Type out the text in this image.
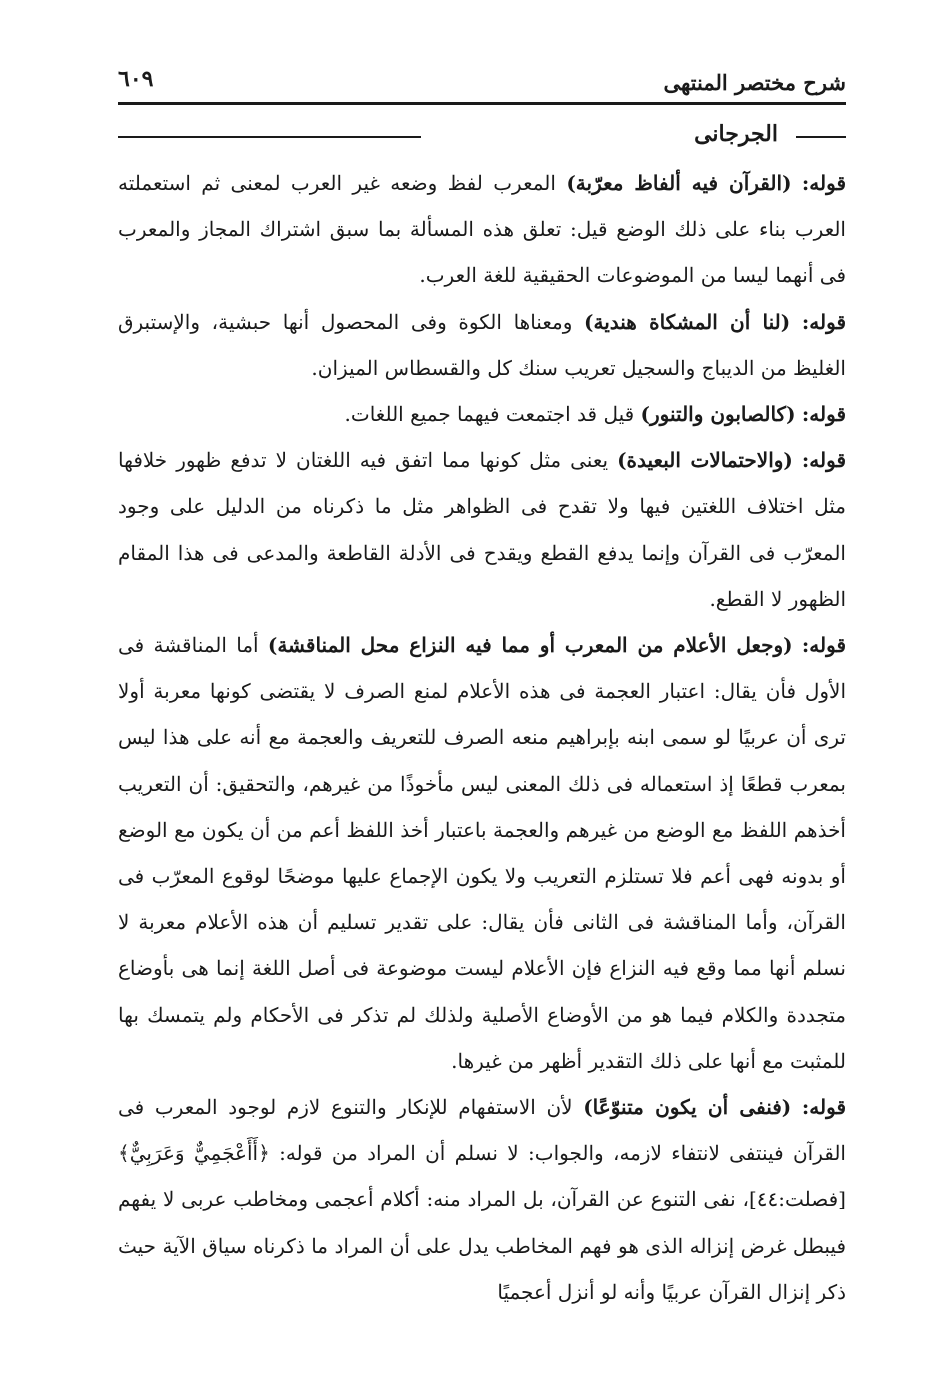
شرح مختصر المنتهى
٦٠٩
الجرجانى

قوله: (القرآن فيه ألفاظ معرّبة) المعرب لفظ وضعه غير العرب لمعنى ثم استعملته العرب بناء على ذلك الوضع قيل: تعلق هذه المسألة بما سبق اشتراك المجاز والمعرب فى أنهما ليسا من الموضوعات الحقيقية للغة العرب.

قوله: (لنا أن المشكاة هندية) ومعناها الكوة وفى المحصول أنها حبشية، والإستبرق الغليظ من الديباج والسجيل تعريب سنك كل والقسطاس الميزان.

قوله: (كالصابون والتنور) قيل قد اجتمعت فيهما جميع اللغات.

قوله: (والاحتمالات البعيدة) يعنى مثل كونها مما اتفق فيه اللغتان لا تدفع ظهور خلافها مثل اختلاف اللغتين فيها ولا تقدح فى الظواهر مثل ما ذكرناه من الدليل على وجود المعرّب فى القرآن وإنما يدفع القطع ويقدح فى الأدلة القاطعة والمدعى فى هذا المقام الظهور لا القطع.

قوله: (وجعل الأعلام من المعرب أو مما فيه النزاع محل المناقشة) أما المناقشة فى الأول فأن يقال: اعتبار العجمة فى هذه الأعلام لمنع الصرف لا يقتضى كونها معربة أولا ترى أن عربيًا لو سمى ابنه بإبراهيم منعه الصرف للتعريف والعجمة مع أنه على هذا ليس بمعرب قطعًا إذ استعماله فى ذلك المعنى ليس مأخوذًا من غيرهم، والتحقيق: أن التعريب أخذهم اللفظ مع الوضع من غيرهم والعجمة باعتبار أخذ اللفظ أعم من أن يكون مع الوضع أو بدونه فهى أعم فلا تستلزم التعريب ولا يكون الإجماع عليها موضحًا لوقوع المعرّب فى القرآن، وأما المناقشة فى الثانى فأن يقال: على تقدير تسليم أن هذه الأعلام معربة لا نسلم أنها مما وقع فيه النزاع فإن الأعلام ليست موضوعة فى أصل اللغة إنما هى بأوضاع متجددة والكلام فيما هو من الأوضاع الأصلية ولذلك لم تذكر فى الأحكام ولم يتمسك بها للمثبت مع أنها على ذلك التقدير أظهر من غيرها.

قوله: (فنفى أن يكون متنوّعًا) لأن الاستفهام للإنكار والتنوع لازم لوجود المعرب فى القرآن فينتفى لانتفاء لازمه، والجواب: لا نسلم أن المراد من قوله: ﴿أَأَعْجَمِيٌّ وَعَرَبِيٌّ﴾ [فصلت:٤٤]، نفى التنوع عن القرآن، بل المراد منه: أكلام أعجمى ومخاطب عربى لا يفهم فيبطل غرض إنزاله الذى هو فهم المخاطب يدل على أن المراد ما ذكرناه سياق الآية حيث ذكر إنزال القرآن عربيًا وأنه لو أنزل أعجميًا
